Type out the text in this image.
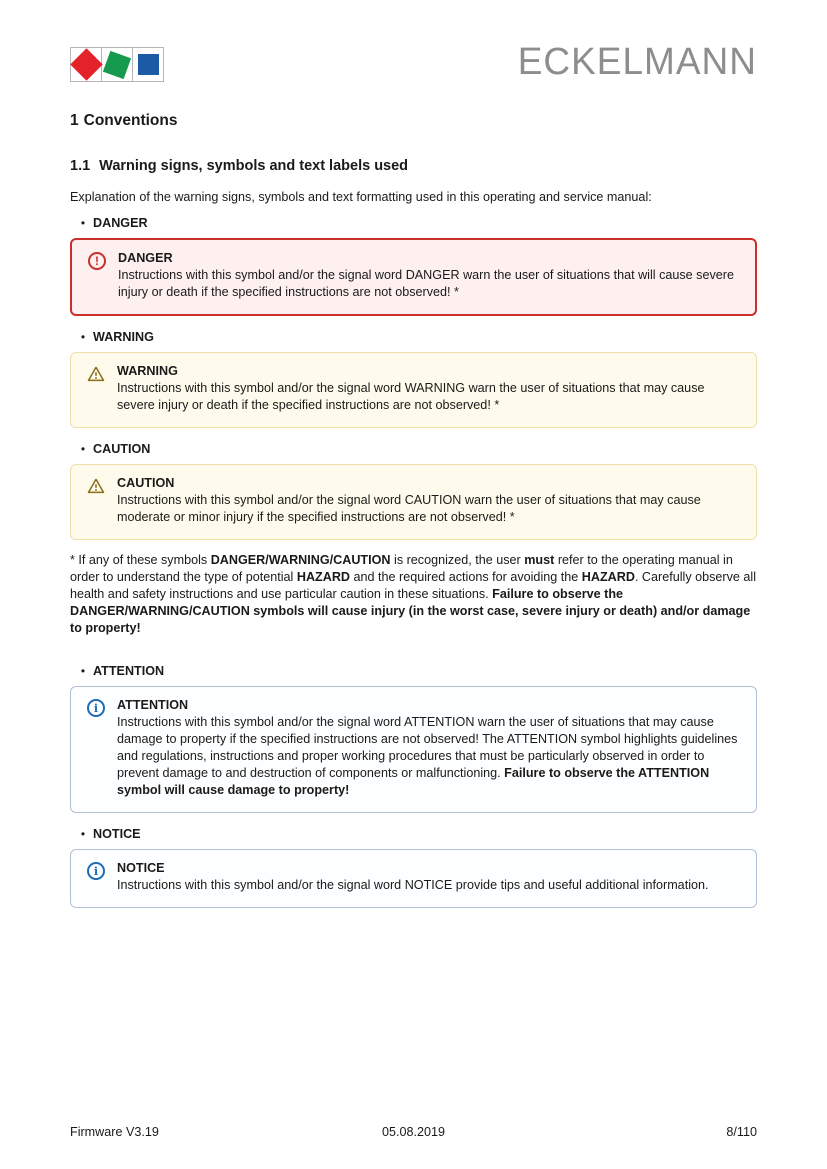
ECKELMANN
1 Conventions
1.1 Warning signs, symbols and text labels used
Explanation of the warning signs, symbols and text formatting used in this operating and service manual:
• DANGER
!	DANGER
Instructions with this symbol and/or the signal word DANGER warn the user of situations that will cause severe injury or death if the specified instructions are not observed! *
• WARNING
WARNING
Instructions with this symbol and/or the signal word WARNING warn the user of situations that may cause severe injury or death if the specified instructions are not observed! *
• CAUTION
CAUTION
Instructions with this symbol and/or the signal word CAUTION warn the user of situations that may cause moderate or minor injury if the specified instructions are not observed! *
* If any of these symbols DANGER/WARNING/CAUTION is recognized, the user must refer to the operating manual in order to understand the type of potential HAZARD and the required actions for avoiding the HAZARD. Carefully observe all health and safety instructions and use particular caution in these situations. Failure to observe the DANGER/WARNING/CAUTION symbols will cause injury (in the worst case, severe injury or death) and/or damage to property!
• ATTENTION
i	ATTENTION
Instructions with this symbol and/or the signal word ATTENTION warn the user of situations that may cause damage to property if the specified instructions are not observed! The ATTENTION symbol highlights guidelines and regulations, instructions and proper working procedures that must be particularly observed in order to prevent damage to and destruction of components or malfunctioning. Failure to observe the ATTENTION symbol will cause damage to property!
• NOTICE
i	NOTICE
Instructions with this symbol and/or the signal word NOTICE provide tips and useful additional information.
Firmware V3.19	05.08.2019	8/110
